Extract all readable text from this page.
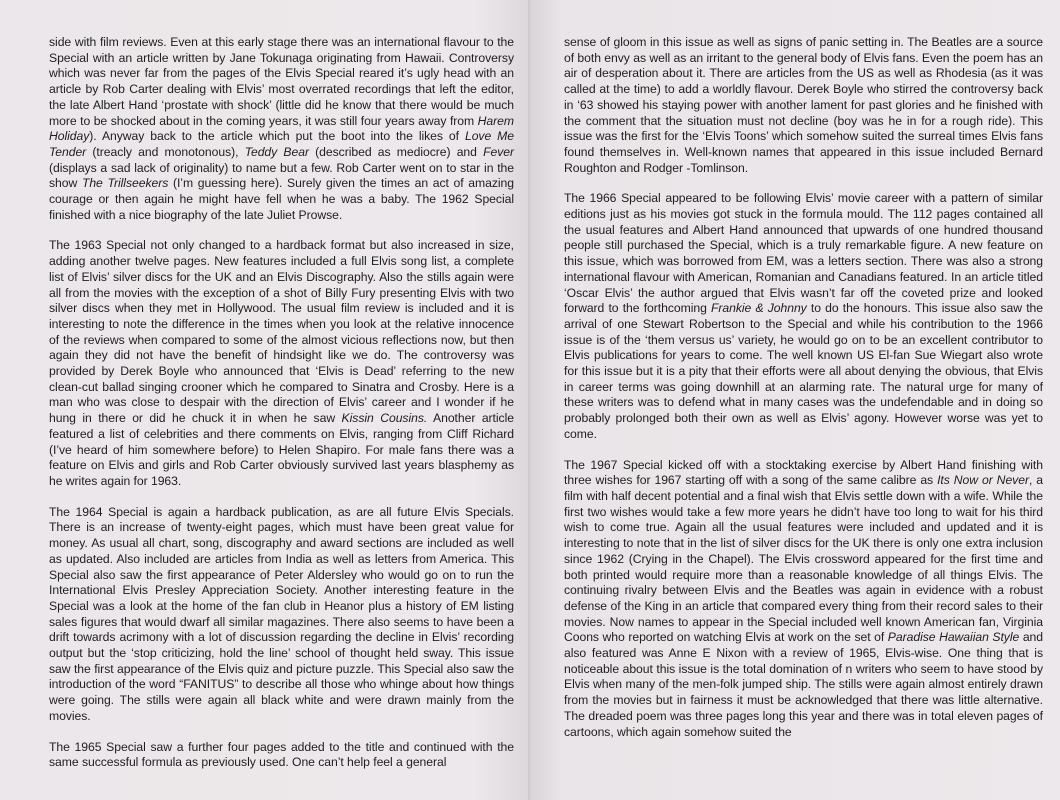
side with film reviews. Even at this early stage there was an international flavour to the Special with an article written by Jane Tokunaga originating from Hawaii. Controversy which was never far from the pages of the Elvis Special reared it’s ugly head with an article by Rob Carter dealing with Elvis’ most overrated recordings that left the editor, the late Albert Hand ‘prostate with shock’ (little did he know that there would be much more to be shocked about in the coming years, it was still four years away from Harem Holiday). Anyway back to the article which put the boot into the likes of Love Me Tender (treacly and monotonous), Teddy Bear (described as mediocre) and Fever (displays a sad lack of originality) to name but a few. Rob Carter went on to star in the show The Trillseekers (I’m guessing here). Surely given the times an act of amazing courage or then again he might have fell when he was a baby. The 1962 Special finished with a nice biography of the late Juliet Prowse.

The 1963 Special not only changed to a hardback format but also increased in size, adding another twelve pages. New features included a full Elvis song list, a complete list of Elvis’ silver discs for the UK and an Elvis Discography. Also the stills again were all from the movies with the exception of a shot of Billy Fury presenting Elvis with two silver discs when they met in Hollywood. The usual film review is included and it is interesting to note the difference in the times when you look at the relative innocence of the reviews when compared to some of the almost vicious reflections now, but then again they did not have the benefit of hindsight like we do. The controversy was provided by Derek Boyle who announced that ‘Elvis is Dead’ referring to the new clean-cut ballad singing crooner which he compared to Sinatra and Crosby. Here is a man who was close to despair with the direction of Elvis’ career and I wonder if he hung in there or did he chuck it in when he saw Kissin Cousins. Another article featured a list of celebrities and there comments on Elvis, ranging from Cliff Richard (I’ve heard of him somewhere before) to Helen Shapiro. For male fans there was a feature on Elvis and girls and Rob Carter obviously survived last years blasphemy as he writes again for 1963.

The 1964 Special is again a hardback publication, as are all future Elvis Specials. There is an increase of twenty-eight pages, which must have been great value for money. As usual all chart, song, discography and award sections are included as well as updated. Also included are articles from India as well as letters from America. This Special also saw the first appearance of Peter Aldersley who would go on to run the International Elvis Presley Appreciation Society. Another interesting feature in the Special was a look at the home of the fan club in Heanor plus a history of EM listing sales figures that would dwarf all similar magazines. There also seems to have been a drift towards acrimony with a lot of discussion regarding the decline in Elvis’ recording output but the ‘stop criticizing, hold the line’ school of thought held sway. This issue saw the first appearance of the Elvis quiz and picture puzzle. This Special also saw the introduction of the word “FANITUS” to describe all those who whinge about how things were going. The stills were again all black white and were drawn mainly from the movies.

The 1965 Special saw a further four pages added to the title and continued with the same successful formula as previously used. One can’t help feel a general

sense of gloom in this issue as well as signs of panic setting in. The Beatles are a source of both envy as well as an irritant to the general body of Elvis fans. Even the poem has an air of desperation about it. There are articles from the US as well as Rhodesia (as it was called at the time) to add a worldly flavour. Derek Boyle who stirred the controversy back in ‘63 showed his staying power with another lament for past glories and he finished with the comment that the situation must not decline (boy was he in for a rough ride). This issue was the first for the ‘Elvis Toons’ which somehow suited the surreal times Elvis fans found themselves in. Well-known names that appeared in this issue included Bernard Roughton and Rodger -Tomlinson.

The 1966 Special appeared to be following Elvis’ movie career with a pattern of similar editions just as his movies got stuck in the formula mould. The 112 pages contained all the usual features and Albert Hand announced that upwards of one hundred thousand people still purchased the Special, which is a truly remarkable figure. A new feature on this issue, which was borrowed from EM, was a letters section. There was also a strong international flavour with American, Romanian and Canadians featured. In an article titled ‘Oscar Elvis’ the author argued that Elvis wasn’t far off the coveted prize and looked forward to the forthcoming Frankie & Johnny to do the honours. This issue also saw the arrival of one Stewart Robertson to the Special and while his contribution to the 1966 issue is of the ‘them versus us’ variety, he would go on to be an excellent contributor to Elvis publications for years to come. The well known US El-fan Sue Wiegart also wrote for this issue but it is a pity that their efforts were all about denying the obvious, that Elvis in career terms was going downhill at an alarming rate. The natural urge for many of these writers was to defend what in many cases was the undefendable and in doing so probably prolonged both their own as well as Elvis’ agony. However worse was yet to come.

The 1967 Special kicked off with a stocktaking exercise by Albert Hand finishing with three wishes for 1967 starting off with a song of the same calibre as Its Now or Never, a film with half decent potential and a final wish that Elvis settle down with a wife. While the first two wishes would take a few more years he didn’t have too long to wait for his third wish to come true. Again all the usual features were included and updated and it is interesting to note that in the list of silver discs for the UK there is only one extra inclusion since 1962 (Crying in the Chapel). The Elvis crossword appeared for the first time and both printed would require more than a reasonable knowledge of all things Elvis. The continuing rivalry between Elvis and the Beatles was again in evidence with a robust defense of the King in an article that compared every thing from their record sales to their movies. Now names to appear in the Special included well known American fan, Virginia Coons who reported on watching Elvis at work on the set of Paradise Hawaiian Style and also featured was Anne E Nixon with a review of 1965, Elvis-wise. One thing that is noticeable about this issue is the total domination of n writers who seem to have stood by Elvis when many of the men-folk jumped ship. The stills were again almost entirely drawn from the movies but in fairness it must be acknowledged that there was little alternative. The dreaded poem was three pages long this year and there was in total eleven pages of cartoons, which again somehow suited the
